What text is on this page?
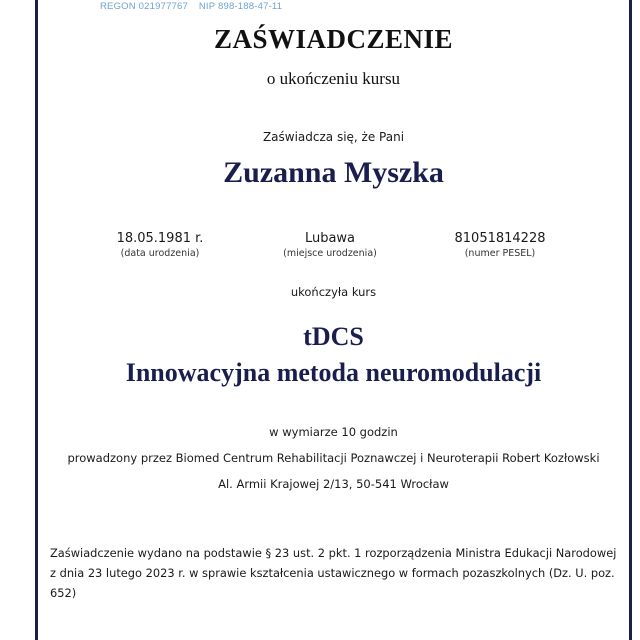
REGON 021977767 NIP 898-188-47-11
ZAŚWIADCZENIE
o ukończeniu kursu
Zaświadcza się, że Pani
Zuzanna Myszka
18.05.1981 r.
(data urodzenia)
Lubawa
(miejsce urodzenia)
81051814228
(numer PESEL)
ukończyła kurs
tDCS
Innowacyjna metoda neuromodulacji
w wymiarze 10 godzin
prowadzony przez Biomed Centrum Rehabilitacji Poznawczej i Neuroterapii Robert Kozłowski
Al. Armii Krajowej 2/13, 50-541 Wrocław
Zaświadczenie wydano na podstawie § 23 ust. 2 pkt. 1 rozporządzenia Ministra Edukacji Narodowej z dnia 23 lutego 2023 r. w sprawie kształcenia ustawicznego w formach pozaszkolnych (Dz. U. poz. 652)
